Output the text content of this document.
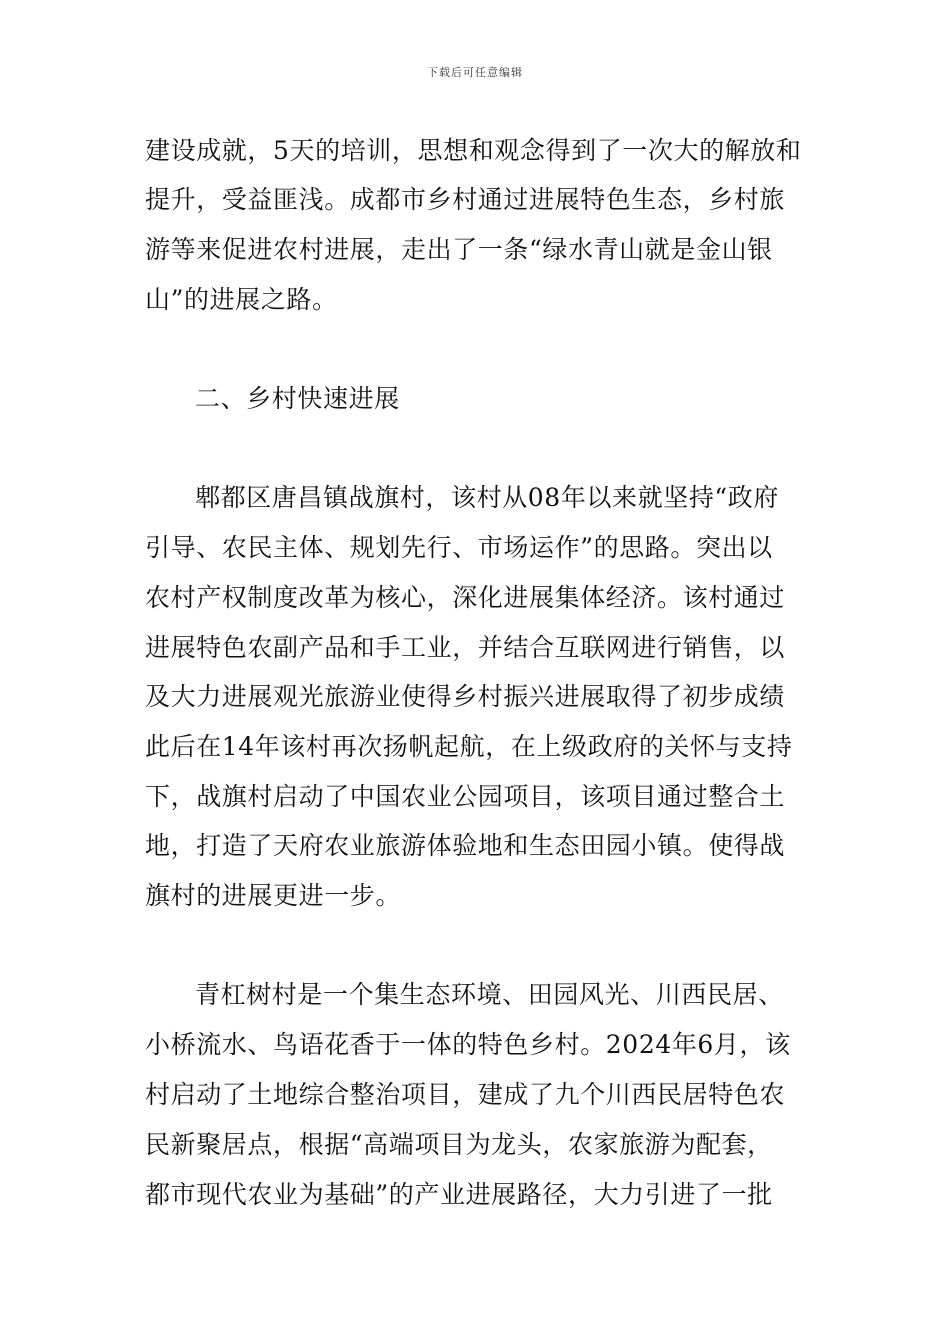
下载后可任意编辑
建设成就，5天的培训，思想和观念得到了一次大的解放和
提升，受益匪浅。成都市乡村通过进展特色生态，乡村旅
游等来促进农村进展，走出了一条“绿水青山就是金山银
山”的进展之路。
二、乡村快速进展
郫都区唐昌镇战旗村，该村从08年以来就坚持“政府
引导、农民主体、规划先行、市场运作”的思路。突出以
农村产权制度改革为核心，深化进展集体经济。该村通过
进展特色农副产品和手工业，并结合互联网进行销售，以
及大力进展观光旅游业使得乡村振兴进展取得了初步成绩
此后在14年该村再次扬帆起航，在上级政府的关怀与支持
下，战旗村启动了中国农业公园项目，该项目通过整合土
地，打造了天府农业旅游体验地和生态田园小镇。使得战
旗村的进展更进一步。
青杠树村是一个集生态环境、田园风光、川西民居、
小桥流水、鸟语花香于一体的特色乡村。2024年6月，该
村启动了土地综合整治项目，建成了九个川西民居特色农
民新聚居点，根据“高端项目为龙头，农家旅游为配套，
都市现代农业为基础”的产业进展路径，大力引进了一批
